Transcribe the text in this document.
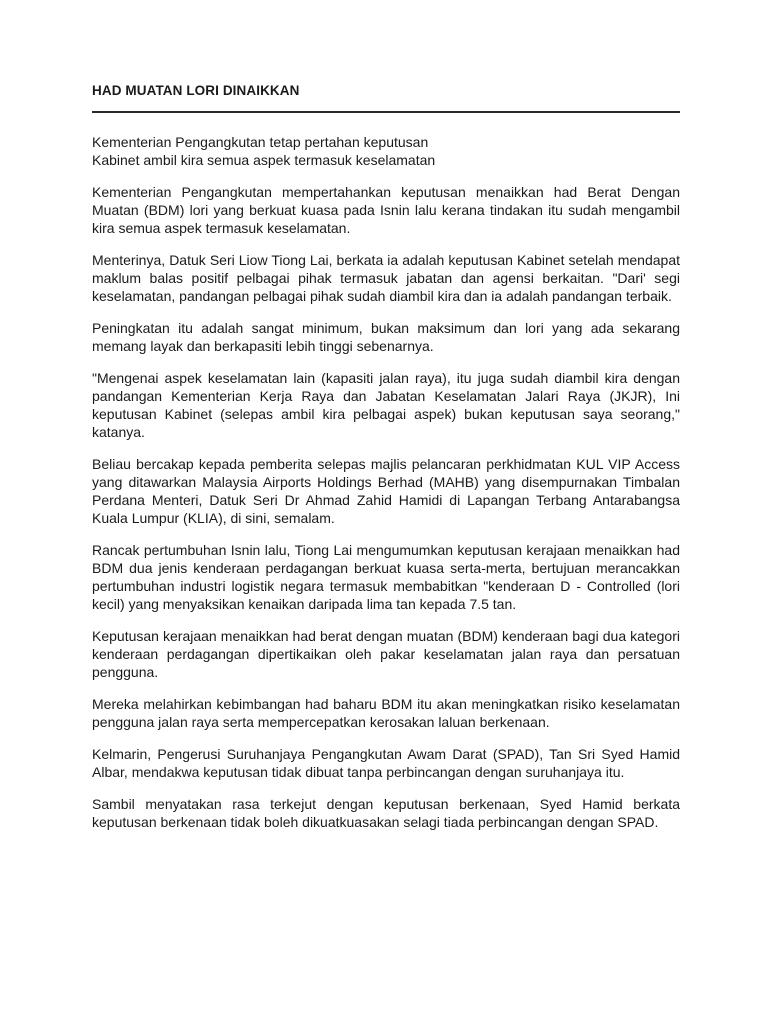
HAD MUATAN LORI DINAIKKAN

Kementerian Pengangkutan tetap pertahan keputusan
Kabinet ambil kira semua aspek termasuk keselamatan

Kementerian Pengangkutan mempertahankan keputusan menaikkan had Berat Dengan Muatan (BDM) lori yang berkuat kuasa pada Isnin lalu kerana tindakan itu sudah mengambil kira semua aspek termasuk keselamatan.

Menterinya, Datuk Seri Liow Tiong Lai, berkata ia adalah keputusan Kabinet setelah mendapat maklum balas positif pelbagai pihak termasuk jabatan dan agensi berkaitan. "Dari' segi keselamatan, pandangan pelbagai pihak sudah diambil kira dan ia adalah pandangan terbaik.

Peningkatan itu adalah sangat minimum, bukan maksimum dan lori yang ada sekarang memang layak dan berkapasiti lebih tinggi sebenarnya.

"Mengenai aspek keselamatan lain (kapasiti jalan raya), itu juga sudah diambil kira dengan pandangan Kementerian Kerja Raya dan Jabatan Keselamatan Jalari Raya (JKJR), Ini keputusan Kabinet (selepas ambil kira pelbagai aspek) bukan keputusan saya seorang," katanya.

Beliau bercakap kepada pemberita selepas majlis pelancaran perkhidmatan KUL VIP Access yang ditawarkan Malaysia Airports Holdings Berhad (MAHB) yang disempurnakan Timbalan Perdana Menteri, Datuk Seri Dr Ahmad Zahid Hamidi di Lapangan Terbang Antarabangsa Kuala Lumpur (KLIA), di sini, semalam.

Rancak pertumbuhan Isnin lalu, Tiong Lai mengumumkan keputusan kerajaan menaikkan had BDM dua jenis kenderaan perdagangan berkuat kuasa serta-merta, bertujuan merancakkan pertumbuhan industri logistik negara termasuk membabitkan "kenderaan D - Controlled (lori kecil) yang menyaksikan kenaikan daripada lima tan kepada 7.5 tan.

Keputusan kerajaan menaikkan had berat dengan muatan (BDM) kenderaan bagi dua kategori kenderaan perdagangan dipertikaikan oleh pakar keselamatan jalan raya dan persatuan pengguna.

Mereka melahirkan kebimbangan had baharu BDM itu akan meningkatkan risiko keselamatan pengguna jalan raya serta mempercepatkan kerosakan laluan berkenaan.

Kelmarin, Pengerusi Suruhanjaya Pengangkutan Awam Darat (SPAD), Tan Sri Syed Hamid Albar, mendakwa keputusan tidak dibuat tanpa perbincangan dengan suruhanjaya itu.

Sambil menyatakan rasa terkejut dengan keputusan berkenaan, Syed Hamid berkata keputusan berkenaan tidak boleh dikuatkuasakan selagi tiada perbincangan dengan SPAD.
